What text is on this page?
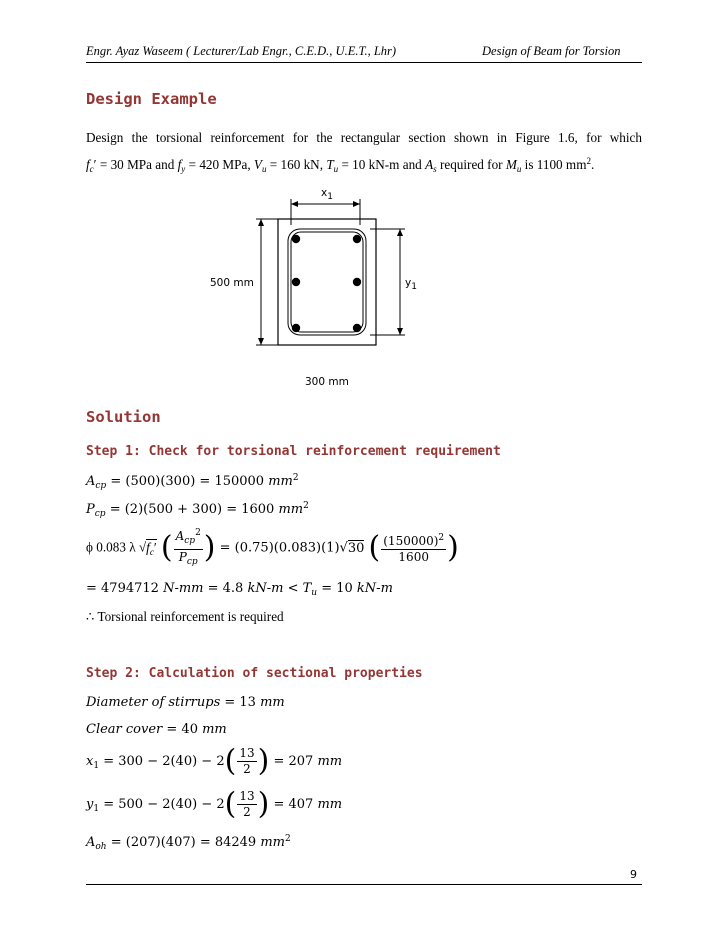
Engr. Ayaz Waseem ( Lecturer/Lab Engr., C.E.D., U.E.T., Lhr)	Design of Beam for Torsion
Design Example
Design the torsional reinforcement for the rectangular section shown in Figure 1.6, for which
$f_c' = 30$ MPa and $f_y = 420$ MPa, $V_u = 160$ kN, $T_u = 10$ kN-m and $A_s$ required for $M_u$ is 1100 $mm^2$.
$x_1$
500 mm	$y_1$
300 mm
Solution
Step 1: Check for torsional reinforcement requirement
$A_{cp} = (500)(300) = 150000$ $mm^2$
$P_{cp} = (2)(500 + 300) = 1600$ $mm^2$
ϕ 0.083 λ $√f_c'$ ( $\frac{A_{cp}^2}{P_{cp}}$ ) = (0.75)(0.083)(1)√30 ( $\frac{(150000)^2}{1600}$ )
= 4794712 N-mm = 4.8 $kN-m < T_u = 10$ kN-m
∴ Torsional reinforcement is required
Step 2: Calculation of sectional properties
Diameter of stirrups = 13 mm
Clear cover = 40 mm
$x_1 = 300 - 2(40) - 2( \frac{13}{2}$ ) = 207 mm
$y_1 = 500 - 2(40) - 2( \frac{13}{2}$ ) = 407 mm
$A_{oh} = (207)(407) = 84249$ $mm^2$
9
